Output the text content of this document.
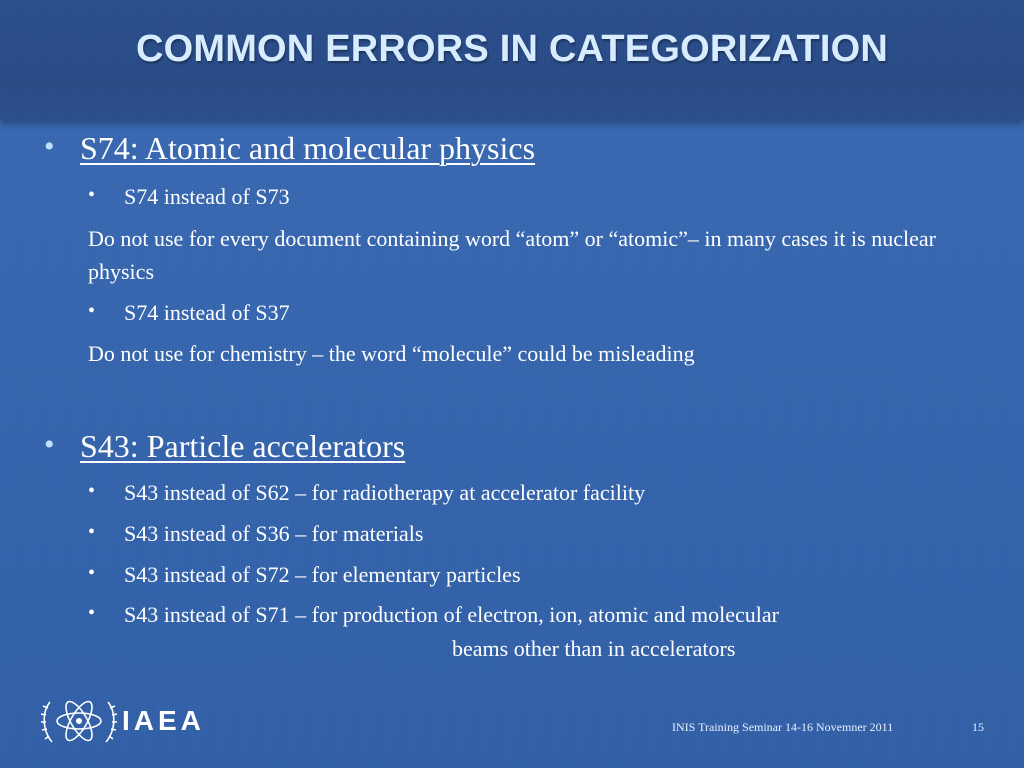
COMMON ERRORS IN CATEGORIZATION
• S74: Atomic and molecular physics
• S74 instead of S73
Do not use for every document containing word “atom” or “atomic”– in many cases it is nuclear physics
• S74 instead of S37
Do not use for chemistry – the word “molecule” could be misleading
• S43: Particle accelerators
• S43 instead of S62 – for radiotherapy at accelerator facility
• S43 instead of S36 – for materials
• S43 instead of S72 – for elementary particles
• S43 instead of S71 – for production of electron, ion, atomic and molecular
beams other than in accelerators
IAEA	INIS Training Seminar 14-16 Novemner 2011	15
